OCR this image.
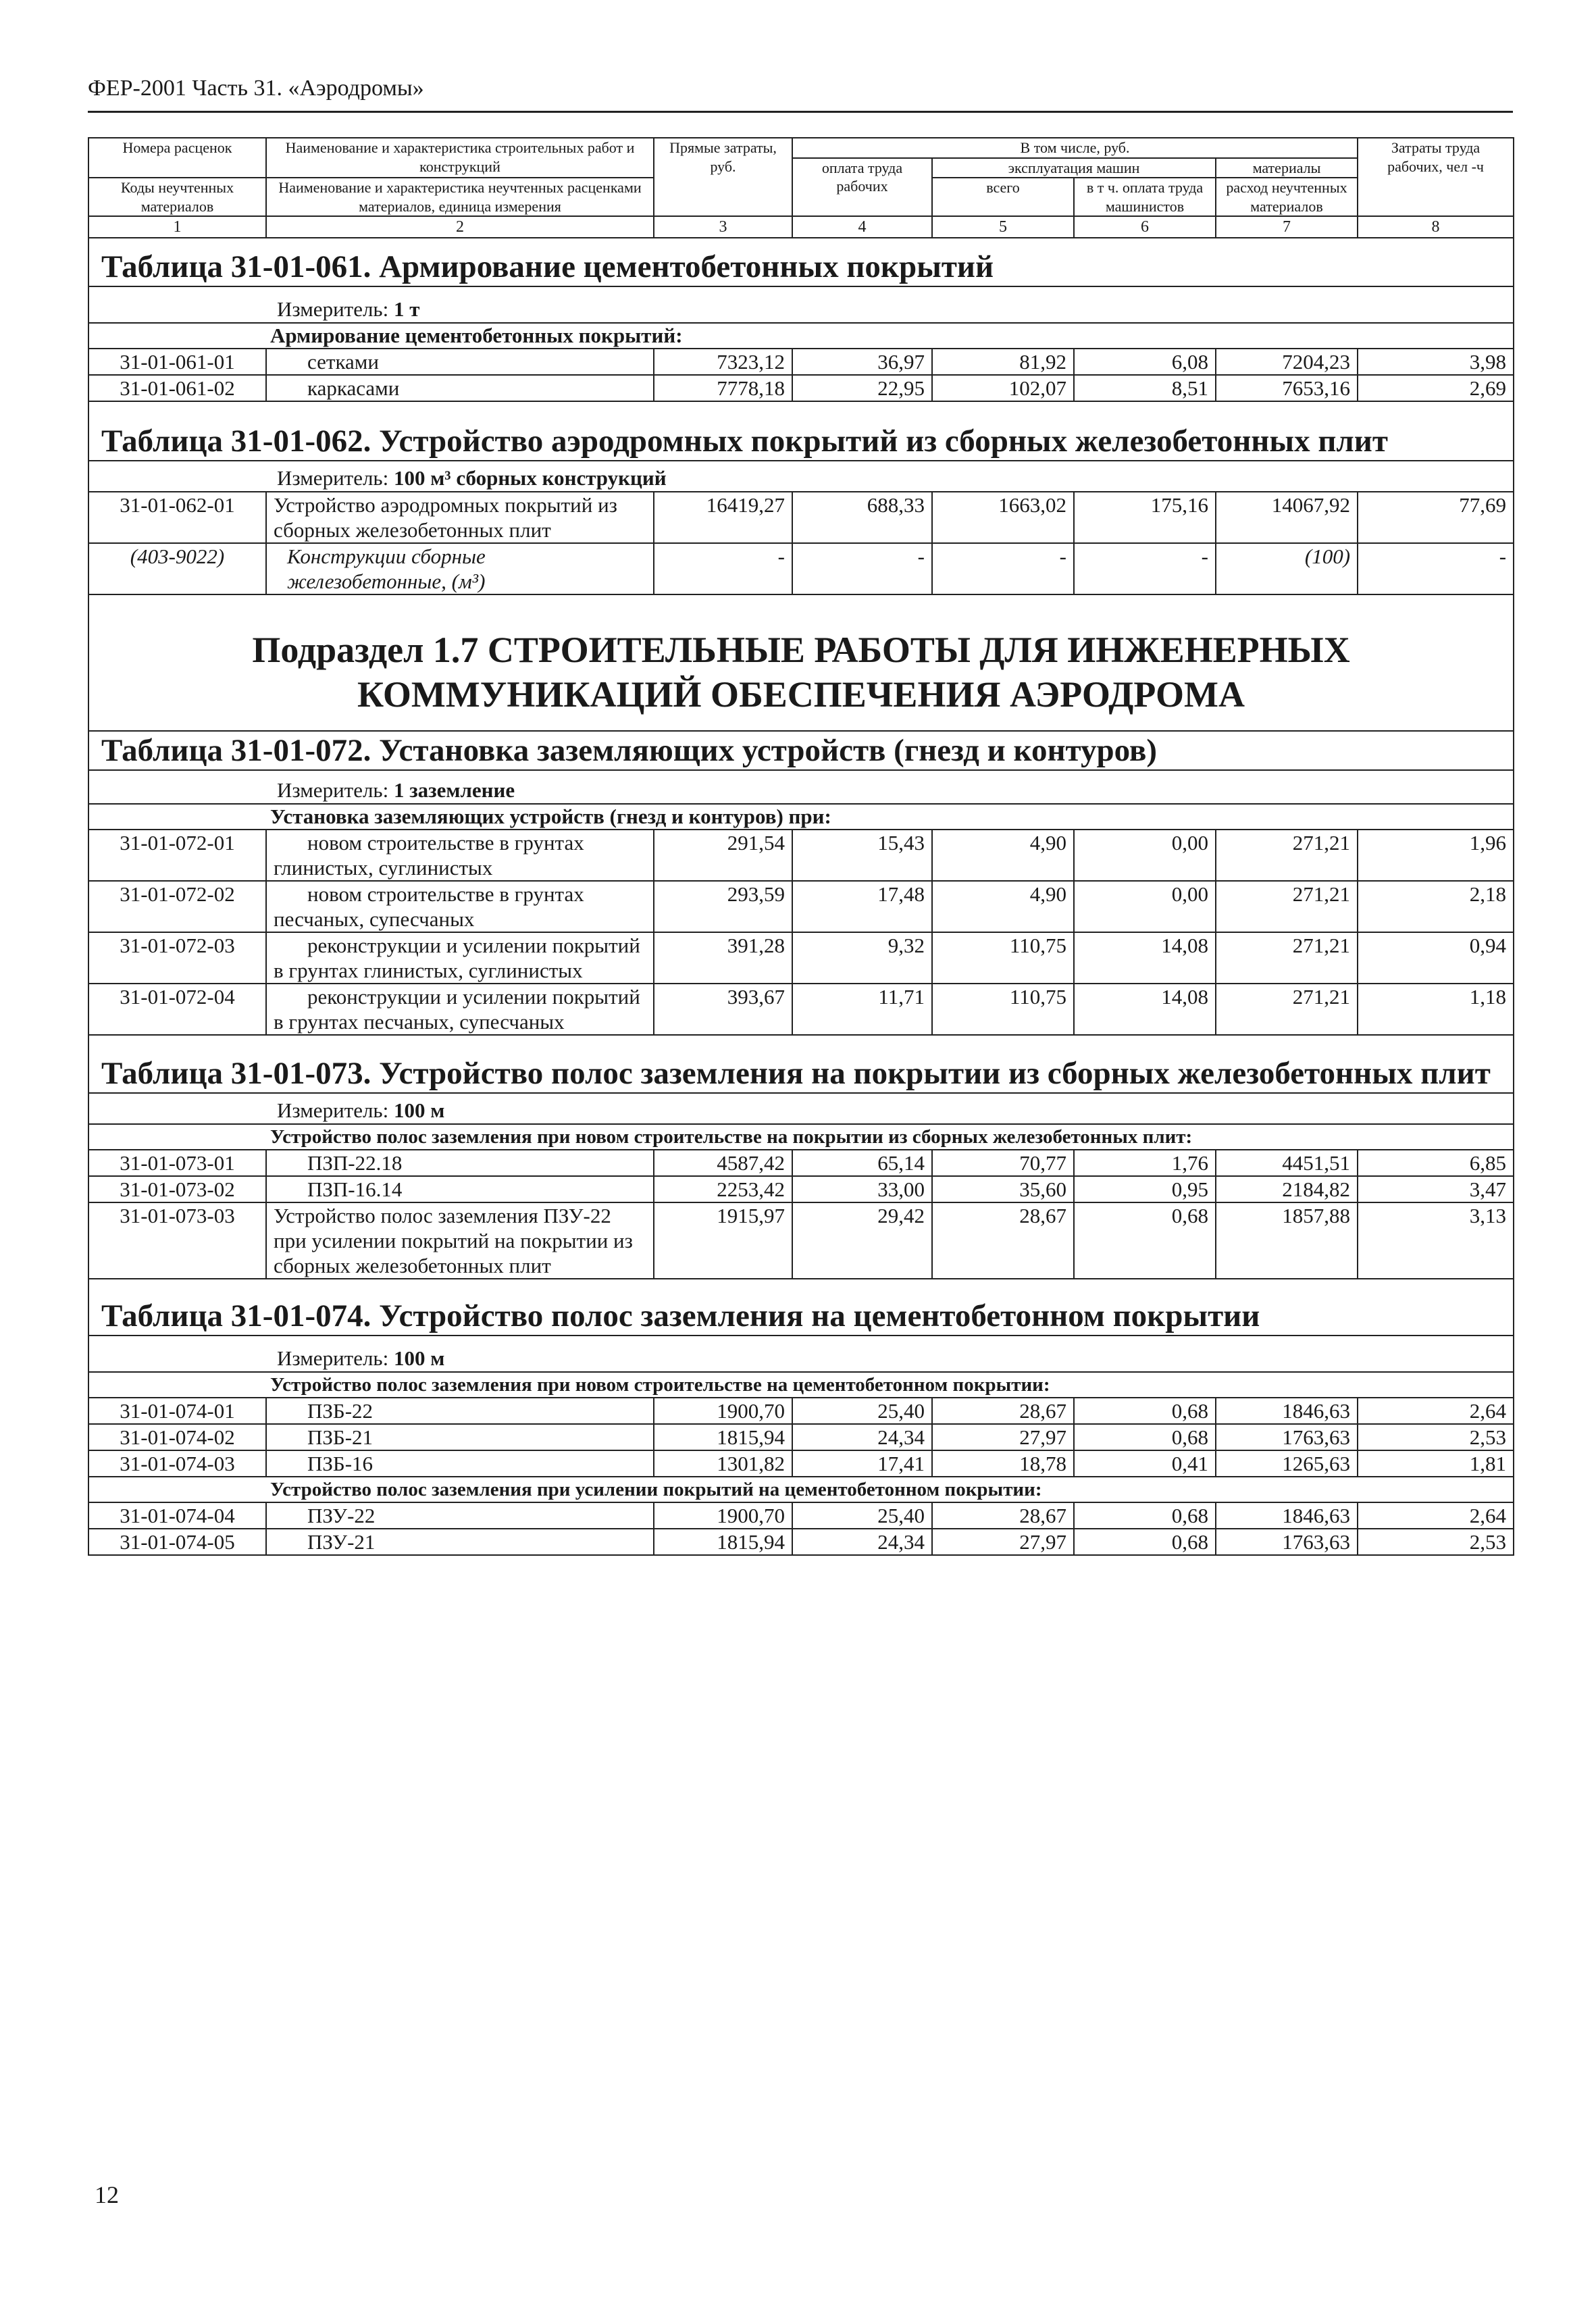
ФЕР-2001 Часть 31. «Аэродромы»
Номера расценок	Наименование и характеристика строительных работ и конструкций	Прямые затраты, руб.	В том числе, руб.				Затраты труда рабочих, чел -ч
			оплата труда рабочих	эксплуатация машин		материалы	
Коды неучтенных материалов	Наименование и характеристика неучтенных расценками материалов, единица измерения			всего	в т ч. оплата труда машинистов	расход неучтенных материалов	

1	2	3	4	5	6	7	8

Таблица 31-01-061. Армирование цементобетонных покрытий							

Измеритель: 1 т							

Армирование цементобетонных покрытий:							
31-01-061-01	сетками	7323,12	36,97	81,92	6,08	7204,23	3,98
31-01-061-02	каркасами	7778,18	22,95	102,07	8,51	7653,16	2,69

Таблица 31-01-062. Устройство аэродромных покрытий из сборных железобетонных плит							

Измеритель: 100 м³ сборных конструкций							

31-01-062-01	Устройство аэродромных покрытий из сборных железобетонных плит	16419,27	688,33	1663,02	175,16	14067,92	77,69
(403-9022)	Конструкции сборные железобетонные, (м³)	-	-	-	-	(100)	-

Подраздел 1.7 СТРОИТЕЛЬНЫЕ РАБОТЫ ДЛЯ ИНЖЕНЕРНЫХ КОММУНИКАЦИЙ ОБЕСПЕЧЕНИЯ АЭРОДРОМА							

Таблица 31-01-072. Установка заземляющих устройств (гнезд и контуров)							

Измеритель: 1 заземление							

Установка заземляющих устройств (гнезд и контуров) при:							
31-01-072-01	новом строительстве в грунтах глинистых, суглинистых	291,54	15,43	4,90	0,00	271,21	1,96
31-01-072-02	новом строительстве в грунтах песчаных, супесчаных	293,59	17,48	4,90	0,00	271,21	2,18
31-01-072-03	реконструкции и усилении покрытий в грунтах глинистых, суглинистых	391,28	9,32	110,75	14,08	271,21	0,94
31-01-072-04	реконструкции и усилении покрытий в грунтах песчаных, супесчаных	393,67	11,71	110,75	14,08	271,21	1,18

Таблица 31-01-073. Устройство полос заземления на покрытии из сборных железобетонных плит							

Измеритель: 100 м							

Устройство полос заземления при новом строительстве на покрытии из сборных железобетонных плит:							
31-01-073-01	ПЗП-22.18	4587,42	65,14	70,77	1,76	4451,51	6,85
31-01-073-02	ПЗП-16.14	2253,42	33,00	35,60	0,95	2184,82	3,47
31-01-073-03	Устройство полос заземления ПЗУ-22 при усилении покрытий на покрытии из сборных железобетонных плит	1915,97	29,42	28,67	0,68	1857,88	3,13

Таблица 31-01-074. Устройство полос заземления на цементобетонном покрытии							

Измеритель: 100 м							

Устройство полос заземления при новом строительстве на цементобетонном покрытии:							
31-01-074-01	ПЗБ-22	1900,70	25,40	28,67	0,68	1846,63	2,64
31-01-074-02	ПЗБ-21	1815,94	24,34	27,97	0,68	1763,63	2,53
31-01-074-03	ПЗБ-16	1301,82	17,41	18,78	0,41	1265,63	1,81
Устройство полос заземления при усилении покрытий на цементобетонном покрытии:							
31-01-074-04	ПЗУ-22	1900,70	25,40	28,67	0,68	1846,63	2,64
31-01-074-05	ПЗУ-21	1815,94	24,34	27,97	0,68	1763,63	2,53
12
